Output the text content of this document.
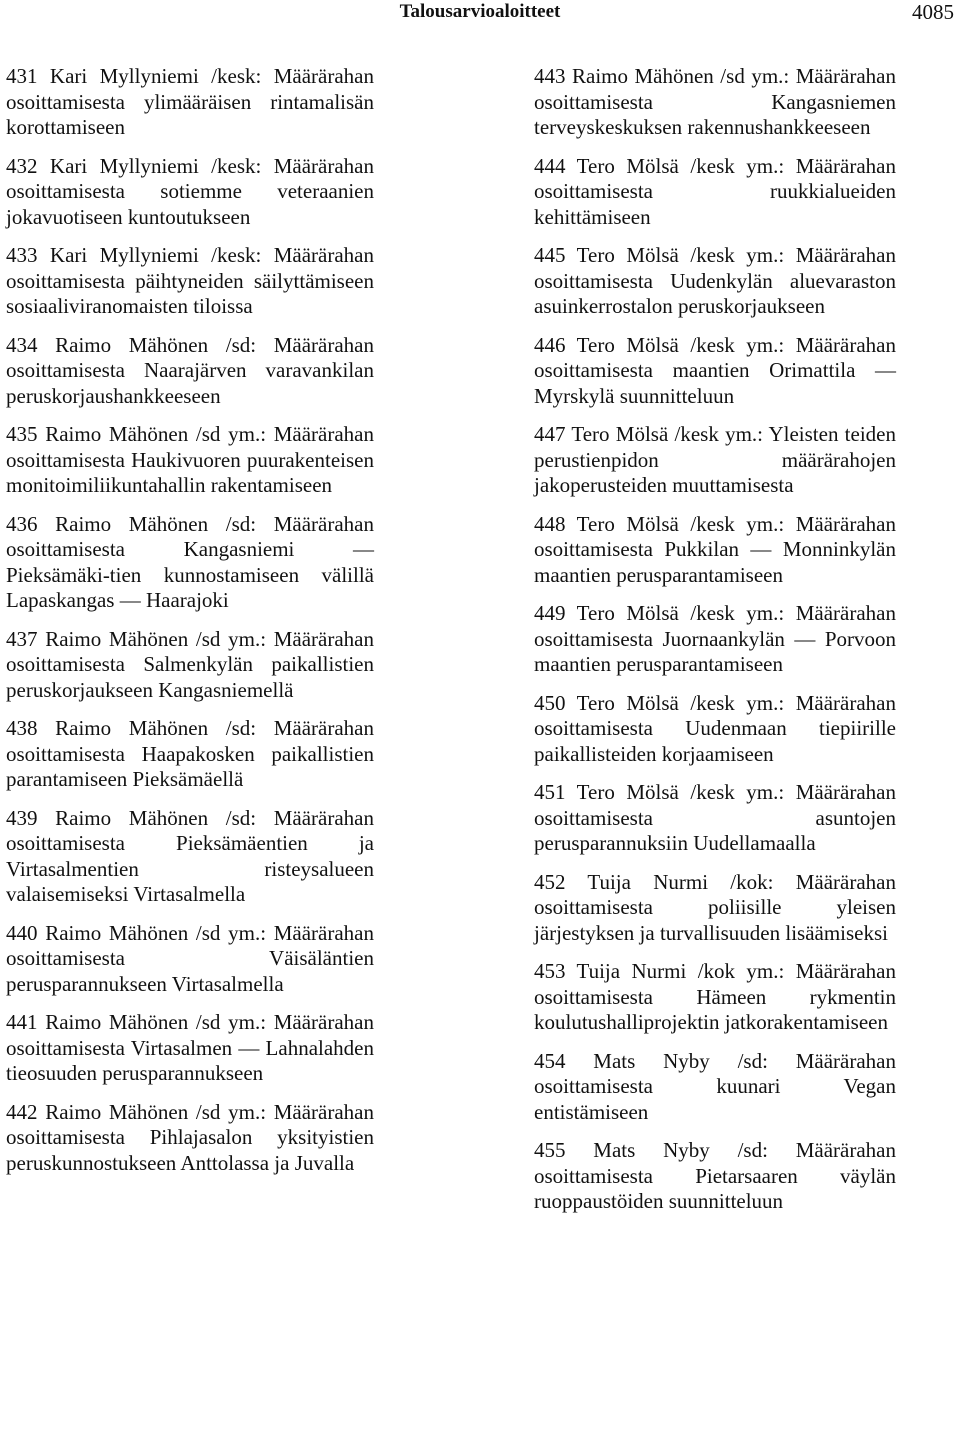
Talousarvioaloitteet	4085

431 Kari Myllyniemi /kesk: Määrärahan osoittamisesta ylimääräisen rintamalisän korottamiseen

432 Kari Myllyniemi /kesk: Määrärahan osoittamisesta sotiemme veteraanien jokavuotiseen kuntoutukseen

433 Kari Myllyniemi /kesk: Määrärahan osoittamisesta päihtyneiden säilyttämiseen sosiaaliviranomaisten tiloissa

434 Raimo Mähönen /sd: Määrärahan osoittamisesta Naarajärven varavankilan peruskorjaushankkeeseen

435 Raimo Mähönen /sd ym.: Määrärahan osoittamisesta Haukivuoren puurakenteisen monitoimiliikuntahallin rakentamiseen

436 Raimo Mähönen /sd: Määrärahan osoittamisesta Kangasniemi — Pieksämäki-tien kunnostamiseen välillä Lapaskangas — Haarajoki

437 Raimo Mähönen /sd ym.: Määrärahan osoittamisesta Salmenkylän paikallistien peruskorjaukseen Kangasniemellä

438 Raimo Mähönen /sd: Määrärahan osoittamisesta Haapakosken paikallistien parantamiseen Pieksämäellä

439 Raimo Mähönen /sd: Määrärahan osoittamisesta Pieksämäentien ja Virtasalmentien risteysalueen valaisemiseksi Virtasalmella

440 Raimo Mähönen /sd ym.: Määrärahan osoittamisesta Väisäläntien perusparannukseen Virtasalmella

441 Raimo Mähönen /sd ym.: Määrärahan osoittamisesta Virtasalmen — Lahnalahden tieosuuden perusparannukseen

442 Raimo Mähönen /sd ym.: Määrärahan osoittamisesta Pihlajasalon yksityistien peruskunnostukseen Anttolassa ja Juvalla

443 Raimo Mähönen /sd ym.: Määrärahan osoittamisesta Kangasniemen terveyskeskuksen rakennushankkeeseen

444 Tero Mölsä /kesk ym.: Määrärahan osoittamisesta ruukkialueiden kehittämiseen

445 Tero Mölsä /kesk ym.: Määrärahan osoittamisesta Uudenkylän aluevaraston asuinkerrostalon peruskorjaukseen

446 Tero Mölsä /kesk ym.: Määrärahan osoittamisesta maantien Orimattila — Myrskylä suunnitteluun

447 Tero Mölsä /kesk ym.: Yleisten teiden perustienpidon määrärahojen jakoperusteiden muuttamisesta

448 Tero Mölsä /kesk ym.: Määrärahan osoittamisesta Pukkilan — Monninkylän maantien perusparantamiseen

449 Tero Mölsä /kesk ym.: Määrärahan osoittamisesta Juornaankylän — Porvoon maantien perusparantamiseen

450 Tero Mölsä /kesk ym.: Määrärahan osoittamisesta Uudenmaan tiepiirille paikallisteiden korjaamiseen

451 Tero Mölsä /kesk ym.: Määrärahan osoittamisesta asuntojen perusparannuksiin Uudellamaalla

452 Tuija Nurmi /kok: Määrärahan osoittamisesta poliisille yleisen järjestyksen ja turvallisuuden lisäämiseksi

453 Tuija Nurmi /kok ym.: Määrärahan osoittamisesta Hämeen rykmentin koulutushalliprojektin jatkorakentamiseen

454 Mats Nyby /sd: Määrärahan osoittamisesta kuunari Vegan entistämiseen

455 Mats Nyby /sd: Määrärahan osoittamisesta Pietarsaaren väylän ruoppaustöiden suunnitteluun
